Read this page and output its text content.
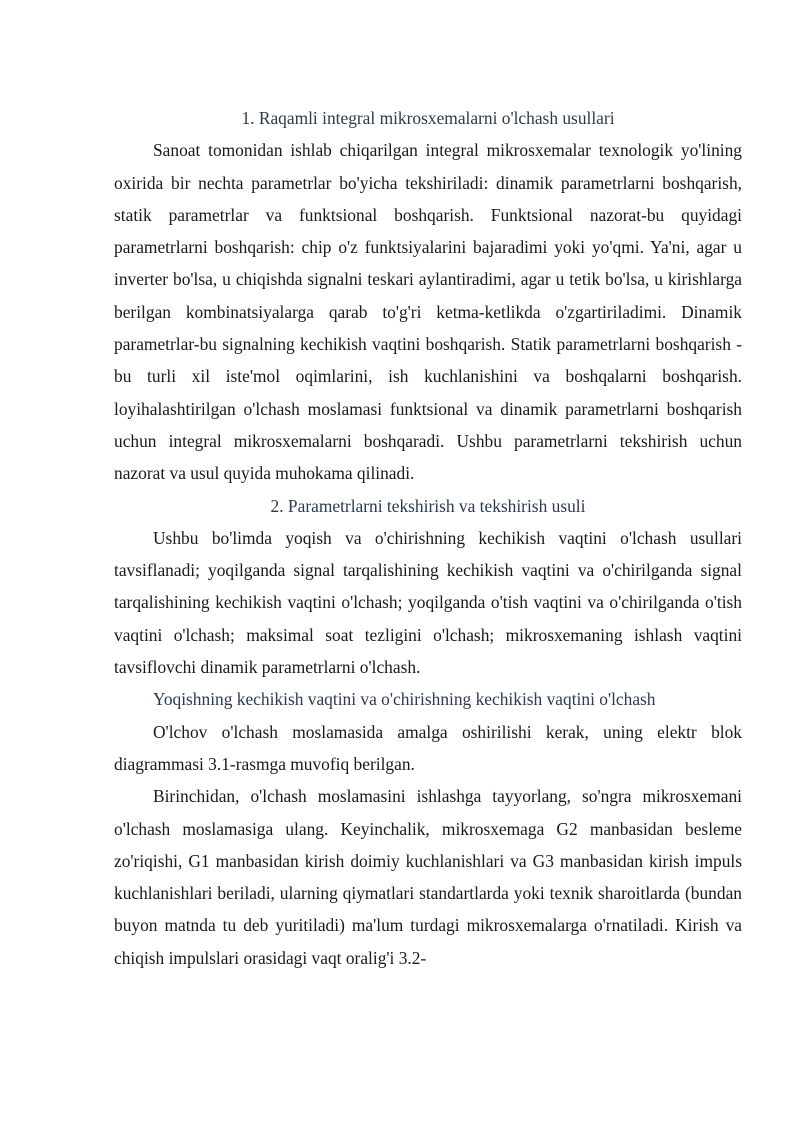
1. Raqamli integral mikrosxemalarni o'lchash usullari

Sanoat tomonidan ishlab chiqarilgan integral mikrosxemalar texnologik yo'lining oxirida bir nechta parametrlar bo'yicha tekshiriladi: dinamik parametrlarni boshqarish, statik parametrlar va funktsional boshqarish. Funktsional nazorat-bu quyidagi parametrlarni boshqarish: chip o'z funktsiyalarini bajaradimi yoki yo'qmi. Ya'ni, agar u inverter bo'lsa, u chiqishda signalni teskari aylantiradimi, agar u tetik bo'lsa, u kirishlarga berilgan kombinatsiyalarga qarab to'g'ri ketma-ketlikda o'zgartiriladimi. Dinamik parametrlar-bu signalning kechikish vaqtini boshqarish. Statik parametrlarni boshqarish - bu turli xil iste'mol oqimlarini, ish kuchlanishini va boshqalarni boshqarish. loyihalashtirilgan o'lchash moslamasi funktsional va dinamik parametrlarni boshqarish uchun integral mikrosxemalarni boshqaradi. Ushbu parametrlarni tekshirish uchun nazorat va usul quyida muhokama qilinadi.

2. Parametrlarni tekshirish va tekshirish usuli

Ushbu bo'limda yoqish va o'chirishning kechikish vaqtini o'lchash usullari tavsiflanadi; yoqilganda signal tarqalishining kechikish vaqtini va o'chirilganda signal tarqalishining kechikish vaqtini o'lchash; yoqilganda o'tish vaqtini va o'chirilganda o'tish vaqtini o'lchash; maksimal soat tezligini o'lchash; mikrosxemaning ishlash vaqtini tavsiflovchi dinamik parametrlarni o'lchash.

Yoqishning kechikish vaqtini va o'chirishning kechikish vaqtini o'lchash

O'lchov o'lchash moslamasida amalga oshirilishi kerak, uning elektr blok diagrammasi 3.1-rasmga muvofiq berilgan.

Birinchidan, o'lchash moslamasini ishlashga tayyorlang, so'ngra mikrosxemani o'lchash moslamasiga ulang. Keyinchalik, mikrosxemaga G2 manbasidan besleme zo'riqishi, G1 manbasidan kirish doimiy kuchlanishlari va G3 manbasidan kirish impuls kuchlanishlari beriladi, ularning qiymatlari standartlarda yoki texnik sharoitlarda (bundan buyon matnda tu deb yuritiladi) ma'lum turdagi mikrosxemalarga o'rnatiladi. Kirish va chiqish impulslari orasidagi vaqt oralig'i 3.2-
